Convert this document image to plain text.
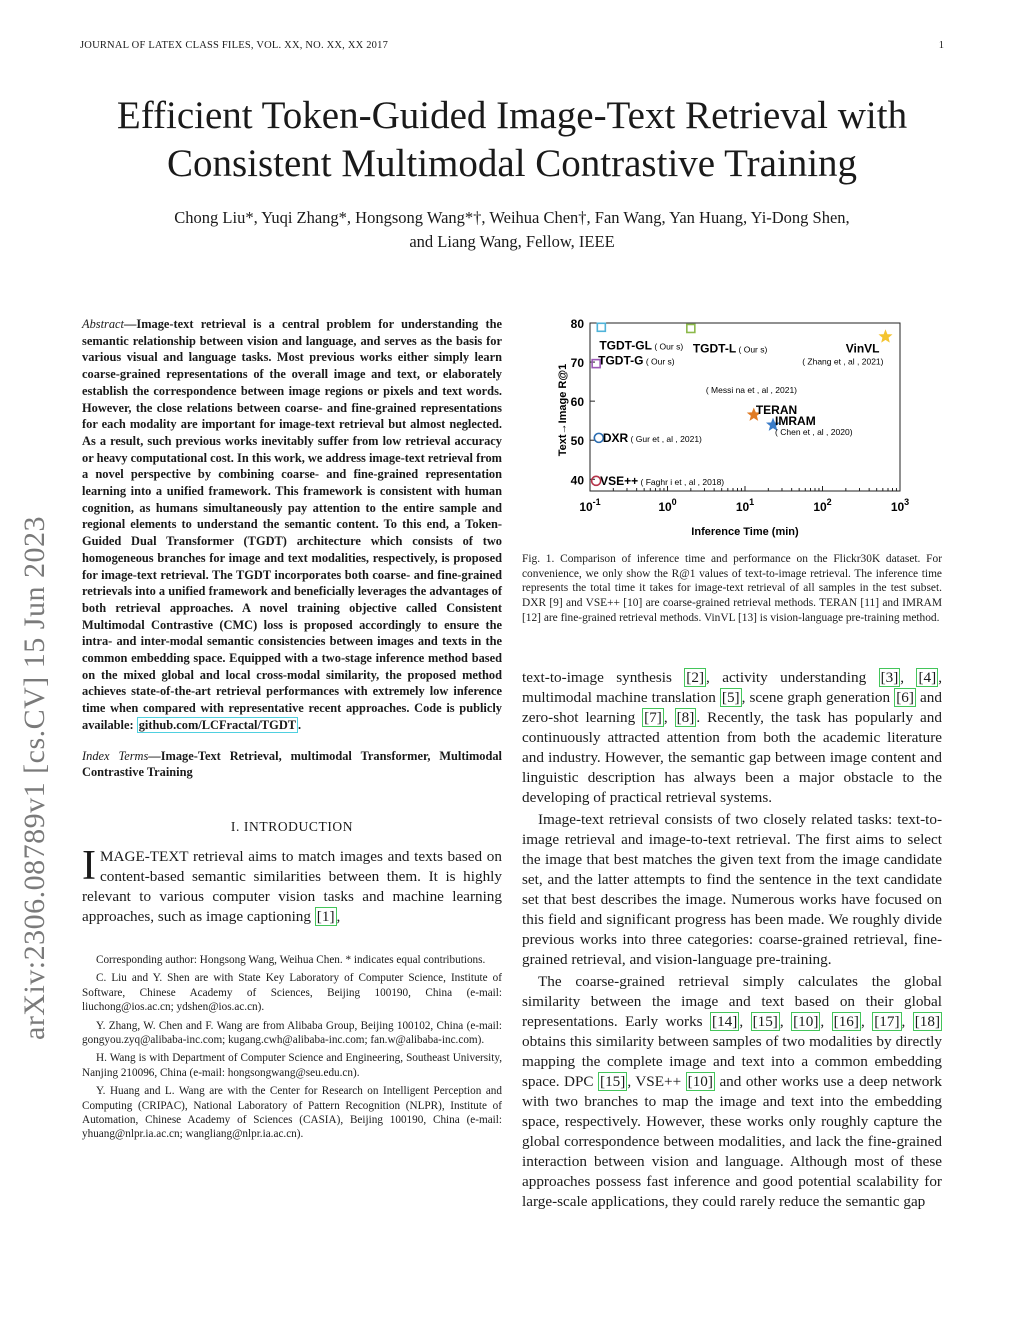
JOURNAL OF LATEX CLASS FILES, VOL. XX, NO. XX, XX 2017	1
Efficient Token-Guided Image-Text Retrieval with
Consistent Multimodal Contrastive Training
Chong Liu*, Yuqi Zhang*, Hongsong Wang*†, Weihua Chen†, Fan Wang, Yan Huang, Yi-Dong Shen,
and Liang Wang, Fellow, IEEE
arXiv:2306.08789v1 [cs.CV] 15 Jun 2023

Abstract—Image-text retrieval is a central problem for understanding the semantic relationship between vision and language, and serves as the basis for various visual and language tasks. Most previous works either simply learn coarse-grained representations of the overall image and text, or elaborately establish the correspondence between image regions or pixels and text words. However, the close relations between coarse- and fine-grained representations for each modality are important for image-text retrieval but almost neglected. As a result, such previous works inevitably suffer from low retrieval accuracy or heavy computational cost. In this work, we address image-text retrieval from a novel perspective by combining coarse- and fine-grained representation learning into a unified framework. This framework is consistent with human cognition, as humans simultaneously pay attention to the entire sample and regional elements to understand the semantic content. To this end, a Token-Guided Dual Transformer (TGDT) architecture which consists of two homogeneous branches for image and text modalities, respectively, is proposed for image-text retrieval. The TGDT incorporates both coarse- and fine-grained retrievals into a unified framework and beneficially leverages the advantages of both retrieval approaches. A novel training objective called Consistent Multimodal Contrastive (CMC) loss is proposed accordingly to ensure the intra- and inter-modal semantic consistencies between images and texts in the common embedding space. Equipped with a two-stage inference method based on the mixed global and local cross-modal similarity, the proposed method achieves state-of-the-art retrieval performances with extremely low inference time when compared with representative recent approaches. Code is publicly available: github.com/LCFractal/TGDT .

Index Terms—Image-Text Retrieval, multimodal Transformer, Multimodal Contrastive Training

I. INTRODUCTION

IMAGE-TEXT retrieval aims to match images and texts based on content-based semantic similarities between them. It is highly relevant to various computer vision tasks and machine learning approaches, such as image captioning [1] ,

Corresponding author: Hongsong Wang, Weihua Chen. * indicates equal contributions.

C. Liu and Y. Shen are with State Key Laboratory of Computer Science, Institute of Software, Chinese Academy of Sciences, Beijing 100190, China (e-mail: liuchong@ios.ac.cn; ydshen@ios.ac.cn).

Y. Zhang, W. Chen and F. Wang are from Alibaba Group, Beijing 100102, China (e-mail: gongyou.zyq@alibaba-inc.com; kugang.cwh@alibaba-inc.com; fan.w@alibaba-inc.com).

H. Wang is with Department of Computer Science and Engineering, Southeast University, Nanjing 210096, China (e-mail: hongsongwang@seu.edu.cn).

Y. Huang and L. Wang are with the Center for Research on Intelligent Perception and Computing (CRIPAC), National Laboratory of Pattern Recognition (NLPR), Institute of Automation, Chinese Academy of Sciences (CASIA), Beijing 100190, China (e-mail: yhuang@nlpr.ia.ac.cn; wangliang@nlpr.ia.ac.cn).

40
50
60
70
80
$10^{-1}$	$10^0$	$10^1$	$10^2$	$10^3$
TGDT-GL ( Our s) TGDT-L ( Our s)
TGDT-G ( Our s)
VinVL
( Zhang et , al , 2021)
TERAN
( Messi na et , al , 2021)
IMRAM
( Chen et , al , 2020)
DXR ( Gur et , al , 2021)
VSE++ ( Faghr i et , al , 2018)
Inference Time (min)
Text→Image R@1
Fig. 1. Comparison of inference time and performance on the Flickr30K dataset. For convenience, we only show the R@1 values of text-to-image retrieval. The inference time represents the total time it takes for image-text retrieval of all samples in the test subset. DXR [9] and VSE++ [10] are coarse-grained retrieval methods. TERAN [11] and IMRAM [12] are fine-grained retrieval methods. VinVL [13] is vision-language pre-training method.

text-to-image synthesis [2] , activity understanding [3] , [4] , multimodal machine translation [5] , scene graph generation [6] and zero-shot learning [7] , [8] . Recently, the task has popularly and continuously attracted attention from both the academic literature and industry. However, the semantic gap between image content and linguistic description has always been a major obstacle to the developing of practical retrieval systems.

Image-text retrieval consists of two closely related tasks: text-to-image retrieval and image-to-text retrieval. The first aims to select the image that best matches the given text from the image candidate set, and the latter attempts to find the sentence in the text candidate set that best describes the image. Numerous works have focused on this field and significant progress has been made. We roughly divide previous works into three categories: coarse-grained retrieval, fine-grained retrieval, and vision-language pre-training.

The coarse-grained retrieval simply calculates the global similarity between the image and text based on their global representations. Early works [14] , [15] , [10] , [16] , [17] , [18] obtains this similarity between samples of two modalities by directly mapping the complete image and text into a common embedding space. DPC [15] , VSE++ [10] and other works use a deep network with two branches to map the image and text into the embedding space, respectively. However, these works only roughly capture the global correspondence between modalities, and lack the fine-grained interaction between vision and language. Although most of these approaches possess fast inference and good potential scalability for large-scale applications, they could rarely reduce the semantic gap
